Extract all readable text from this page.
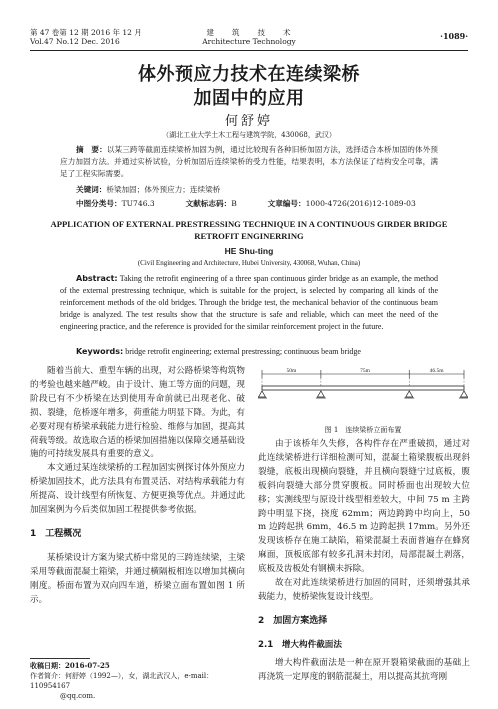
第 47 卷第 12 期 2016 年 12 月
Vol.47 No.12 Dec. 2016
建　　筑　　技　　术
Architecture Technology
·1089·
体外预应力技术在连续梁桥
加固中的应用
何舒婷
（湖北工业大学土木工程与建筑学院，430068，武汉）
摘　要：以某三跨等截面连续梁桥加固为例，通过比较现有各种旧桥加固方法，选择适合本桥加固的体外预应力加固方法。并通过实桥试验，分析加固后连续梁桥的受力性能，结果表明，本方法保证了结构安全可靠，满足了工程实际需要。
关键词：桥梁加固；体外预应力；连续梁桥
中图分类号：TU746.3	文献标志码：B	文章编号：1000-4726(2016)12-1089-03
APPLICATION OF EXTERNAL PRESTRESSING TECHNIQUE IN A CONTINUOUS GIRDER BRIDGE RETROFIT ENGINERRING
HE Shu-ting
(Civil Engineering and Architecture, Hubei University, 430068, Wuhan, China)
Abstract: Taking the retrofit engineering of a three span continuous girder bridge as an example, the method of the external prestressing technique, which is suitable for the project, is selected by comparing all kinds of the reinforcement methods of the old bridges. Through the bridge test, the mechanical behavior of the continuous beam bridge is analyzed. The test results show that the structure is safe and reliable, which can meet the need of the engineering practice, and the reference is provided for the similar reinforcement project in the future.
Keywords: bridge retrofit engineering; external prestressing; continuous beam bridge

随着当前大、重型车辆的出现，对公路桥梁等构筑物的考验也越来越严峻。由于设计、施工等方面的问题，现阶段已有不少桥梁在达到使用寿命前就已出现老化、破损、裂缝，危桥逐年增多，荷重能力明显下降。为此，有必要对现有桥梁承载能力进行检验、维修与加固，提高其荷载等级。故选取合适的桥梁加固措施以保障交通基础设施的可持续发展具有重要的意义。

本文通过某连续梁桥的工程加固实例探讨体外预应力桥梁加固技术，此方法具有布置灵活、对结构承载能力有所提高、设计线型有所恢复、方便更换等优点。并通过此加固案例为今后类似加固工程提供参考依据。

1　工程概况

某桥梁设计方案为梁式桥中常见的三跨连续梁，主梁采用等截面混凝土箱梁，并通过横隔板相连以增加其横向刚度。桥面布置为双向四车道，桥梁立面布置如图 1 所示。

收稿日期：2016-07-25
作者简介：何舒婷（1992—），女，湖北武汉人，e-mail：110954167
@qq.com.
50m	75m	46.5m
图 1　连续梁桥立面布置

由于该桥年久失修，各构件存在严重破损，通过对此连续梁桥进行详细检测可知，混凝土箱梁腹板出现斜裂缝，底板出现横向裂缝，并且横向裂缝宁过底板，腹板斜向裂缝大部分贯穿腹板。同时桥面也出现较大位移；实测线型与原设计线型相差较大，中间 75 m 主跨跨中明显下挠，挠度 62mm；两边跨跨中均向上，50 m 边跨起拱 6mm，46.5 m 边跨起拱 17mm。另外还发现该桥存在施工缺陷，箱梁混凝土表面普遍存在蜂窝麻面，顶板底部有较多孔洞未封闭，局部混凝土剥落，底板及齿板处有钢横未拆除。

故在对此连续梁桥进行加固的同时，还须增强其承载能力，使桥梁恢复设计线型。

2　加固方案选择
2.1　增大构件截面法

增大构件截面法是一种在原开裂箱梁截面的基础上再浇筑一定厚度的钢筋混凝土，用以提高其抗弯刚
